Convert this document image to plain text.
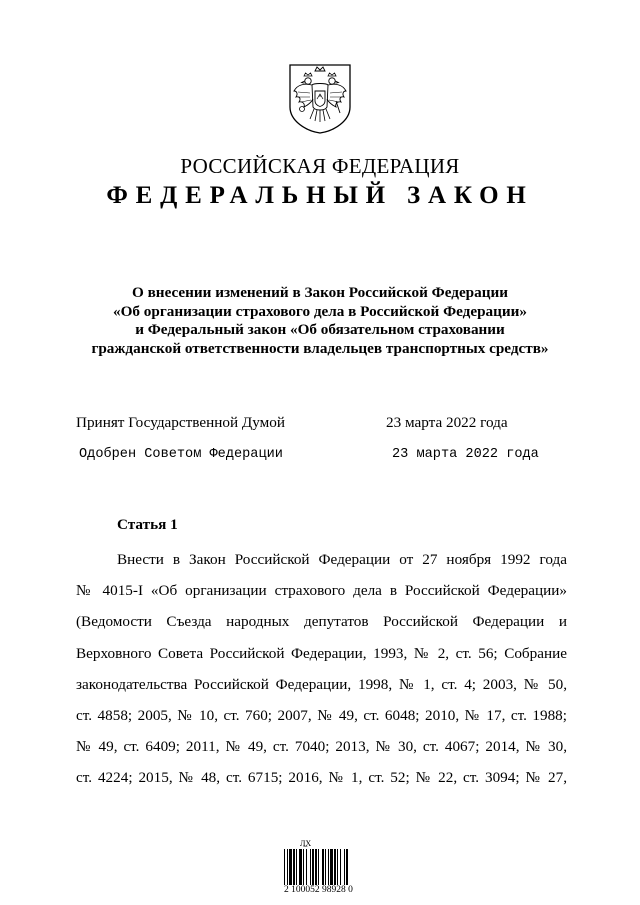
РОССИЙСКАЯ ФЕДЕРАЦИЯ
ФЕДЕРАЛЬНЫЙ ЗАКОН
О внесении изменений в Закон Российской Федерации
«Об организации страхового дела в Российской Федерации»
и Федеральный закон «Об обязательном страховании
гражданской ответственности владельцев транспортных средств»
Принят Государственной Думой	23 марта 2022 года
Одобрен Советом Федерации	23 марта 2022 года
Статья 1
Внести в Закон Российской Федерации от 27 ноября 1992 года
№ 4015-I «Об организации страхового дела в Российской Федерации»
(Ведомости Съезда народных депутатов Российской Федерации и
Верховного Совета Российской Федерации, 1993, № 2, ст. 56; Собрание
законодательства Российской Федерации, 1998, № 1, ст. 4; 2003, № 50,
ст. 4858; 2005, № 10, ст. 760; 2007, № 49, ст. 6048; 2010, № 17, ст. 1988;
№ 49, ст. 6409; 2011, № 49, ст. 7040; 2013, № 30, ст. 4067; 2014, № 30,
ст. 4224; 2015, № 48, ст. 6715; 2016, № 1, ст. 52; № 22, ст. 3094; № 27,
Л̲Х
2 100052 98928 0
